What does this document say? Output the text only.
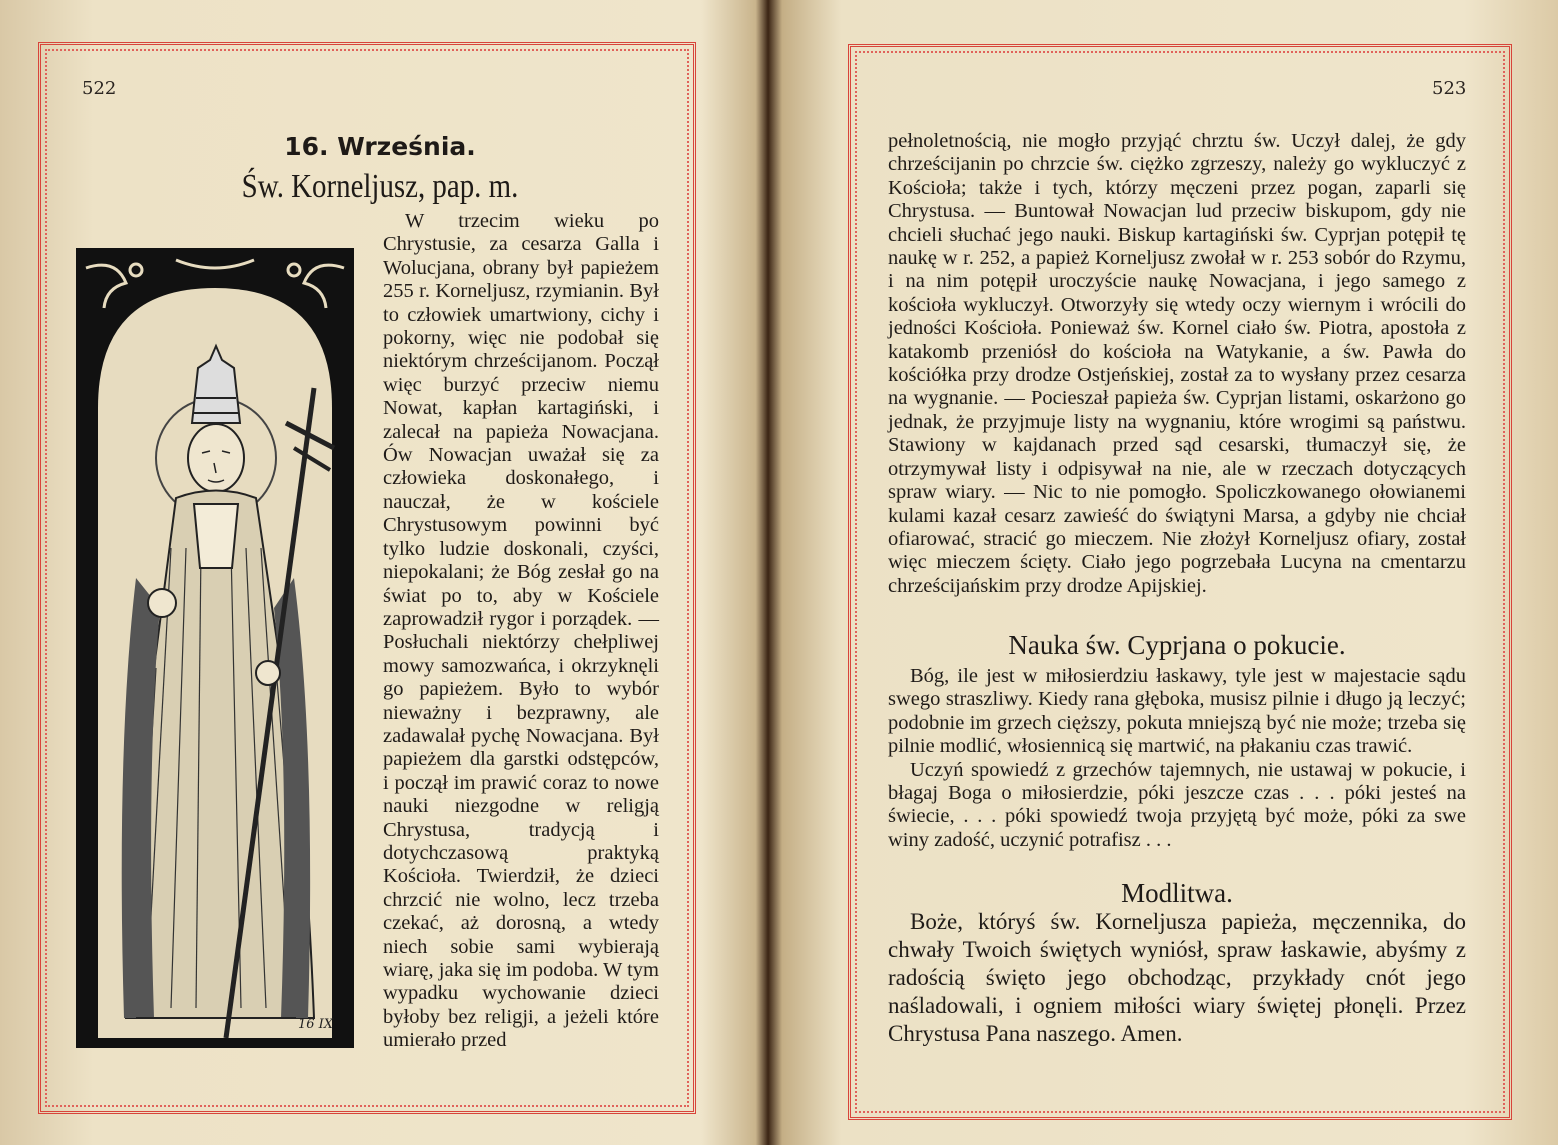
522
16. Września.
Św. Korneljusz, pap. m.
16 IX

W trzecim wieku po Chrystusie, za cesarza Galla i Wolucjana, obrany był papieżem 255 r. Korneljusz, rzymianin. Był to człowiek umartwiony, cichy i pokorny, więc nie podobał się niektórym chrześcijanom. Począł więc burzyć przeciw niemu Nowat, kapłan kartagiński, i zalecał na papieża Nowacjana. Ów Nowacjan uważał się za człowieka doskonałego, i nauczał, że w kościele Chrystusowym powinni być tylko ludzie doskonali, czyści, niepokalani; że Bóg zesłał go na świat po to, aby w Kościele zaprowadził rygor i porządek. — Posłuchali niektórzy chełpliwej mowy samozwańca, i okrzyknęli go papieżem. Było to wybór nieważny i bezprawny, ale zadawalał pychę Nowacjana. Był papieżem dla garstki odstępców, i począł im prawić coraz to nowe nauki niezgodne w religją Chrystusa, tradycją i dotychczasową praktyką Kościoła. Twierdził, że dzieci chrzcić nie wolno, lecz trzeba czekać, aż dorosną, a wtedy niech sobie sami wybierają wiarę, jaka się im podoba. W tym wypadku wychowanie dzieci byłoby bez religji, a jeżeli które umierało przed

523

pełnoletnością, nie mogło przyjąć chrztu św. Uczył dalej, że gdy chrześcijanin po chrzcie św. ciężko zgrzeszy, należy go wykluczyć z Kościoła; także i tych, którzy męczeni przez pogan, zaparli się Chrystusa. — Buntował Nowacjan lud przeciw biskupom, gdy nie chcieli słuchać jego nauki. Biskup kartagiński św. Cyprjan potępił tę naukę w r. 252, a papież Korneljusz zwołał w r. 253 sobór do Rzymu, i na nim potępił uroczyście naukę Nowacjana, i jego samego z kościoła wykluczył. Otworzyły się wtedy oczy wiernym i wrócili do jedności Kościoła. Ponieważ św. Kornel ciało św. Piotra, apostoła z katakomb przeniósł do kościoła na Watykanie, a św. Pawła do kościółka przy drodze Ostjeńskiej, został za to wysłany przez cesarza na wygnanie. — Pocieszał papieża św. Cyprjan listami, oskarżono go jednak, że przyjmuje listy na wygnaniu, które wrogimi są państwu. Stawiony w kajdanach przed sąd cesarski, tłumaczył się, że otrzymywał listy i odpisywał na nie, ale w rzeczach dotyczących spraw wiary. — Nic to nie pomogło. Spoliczkowanego ołowianemi kulami kazał cesarz zawieść do świątyni Marsa, a gdyby nie chciał ofiarować, stracić go mieczem. Nie złożył Korneljusz ofiary, został więc mieczem ścięty. Ciało jego pogrzebała Lucyna na cmentarzu chrześcijańskim przy drodze Apijskiej.

Nauka św. Cyprjana o pokucie.

Bóg, ile jest w miłosierdziu łaskawy, tyle jest w majestacie sądu swego straszliwy. Kiedy rana głęboka, musisz pilnie i długo ją leczyć; podobnie im grzech cięższy, pokuta mniejszą być nie może; trzeba się pilnie modlić, włosiennicą się martwić, na płakaniu czas trawić.

Uczyń spowiedź z grzechów tajemnych, nie ustawaj w pokucie, i błagaj Boga o miłosierdzie, póki jeszcze czas . . . póki jesteś na świecie, . . . póki spowiedź twoja przyjętą być może, póki za swe winy zadość, uczynić potrafisz . . .

Modlitwa.

Boże, któryś św. Korneljusza papieża, męczennika, do chwały Twoich świętych wyniósł, spraw łaskawie, abyśmy z radością święto jego obchodząc, przykłady cnót jego naśladowali, i ogniem miłości wiary świętej płonęli. Przez Chrystusa Pana naszego. Amen.
